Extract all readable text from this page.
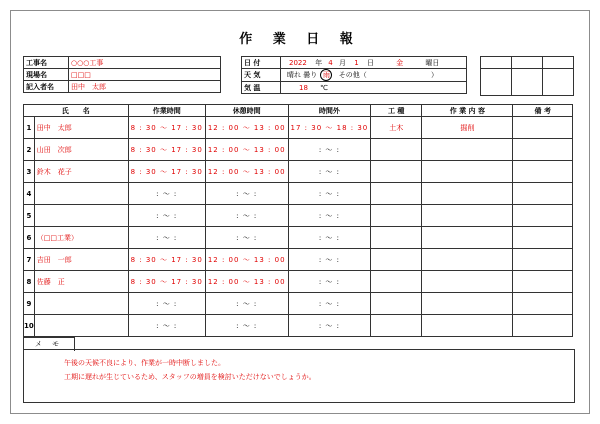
作 業 日 報
工事名	○○○工事
現場名	□□□
記入者名	田中　太郎
日 付	2022 年 4 月 1 日 金 曜日
天 気	晴れ 曇り 雨 その他（ ）
気 温	18 ℃

氏　　名		作業時間	休憩時間	時間外	工 種	作 業 内 容	備 考
1	田中　太郎	8 : 30 ～ 17 : 30	12 : 00 ～ 13 : 00	17 : 30 ～ 18 : 30	土木	掘削	
2	山田　次郎	8 : 30 ～ 17 : 30	12 : 00 ～ 13 : 00	: ～ :			
3	鈴木　花子	8 : 30 ～ 17 : 30	12 : 00 ～ 13 : 00	: ～ :			
4		: ～ :	: ～ :	: ～ :			
5		: ～ :	: ～ :	: ～ :			
6	（□□工業）	: ～ :	: ～ :	: ～ :			
7	吉田　一郎	8 : 30 ～ 17 : 30	12 : 00 ～ 13 : 00	: ～ :			
8	佐藤　正	8 : 30 ～ 17 : 30	12 : 00 ～ 13 : 00	: ～ :			
9		: ～ :	: ～ :	: ～ :			
10		: ～ :	: ～ :	: ～ :			
メ モ
午後の天候不良により、作業が一時中断しました。
工期に遅れが生じているため、スタッフの増員を検討いただけないでしょうか。
